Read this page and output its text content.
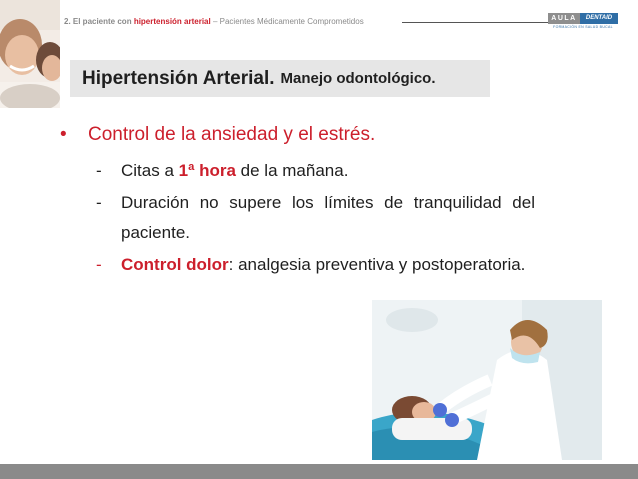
2. El paciente con hipertensión arterial – Pacientes Médicamente Comprometidos	AULA	DENTAID
FORMACIÓN EN SALUD BUCAL
Hipertensión Arterial. Manejo odontológico.
•	Control de la ansiedad y el estrés.
-	Citas a 1ª hora de la mañana.
-	Duración no supere los límites de tranquilidad del paciente.
-	Control dolor: analgesia preventiva y postoperatoria.
